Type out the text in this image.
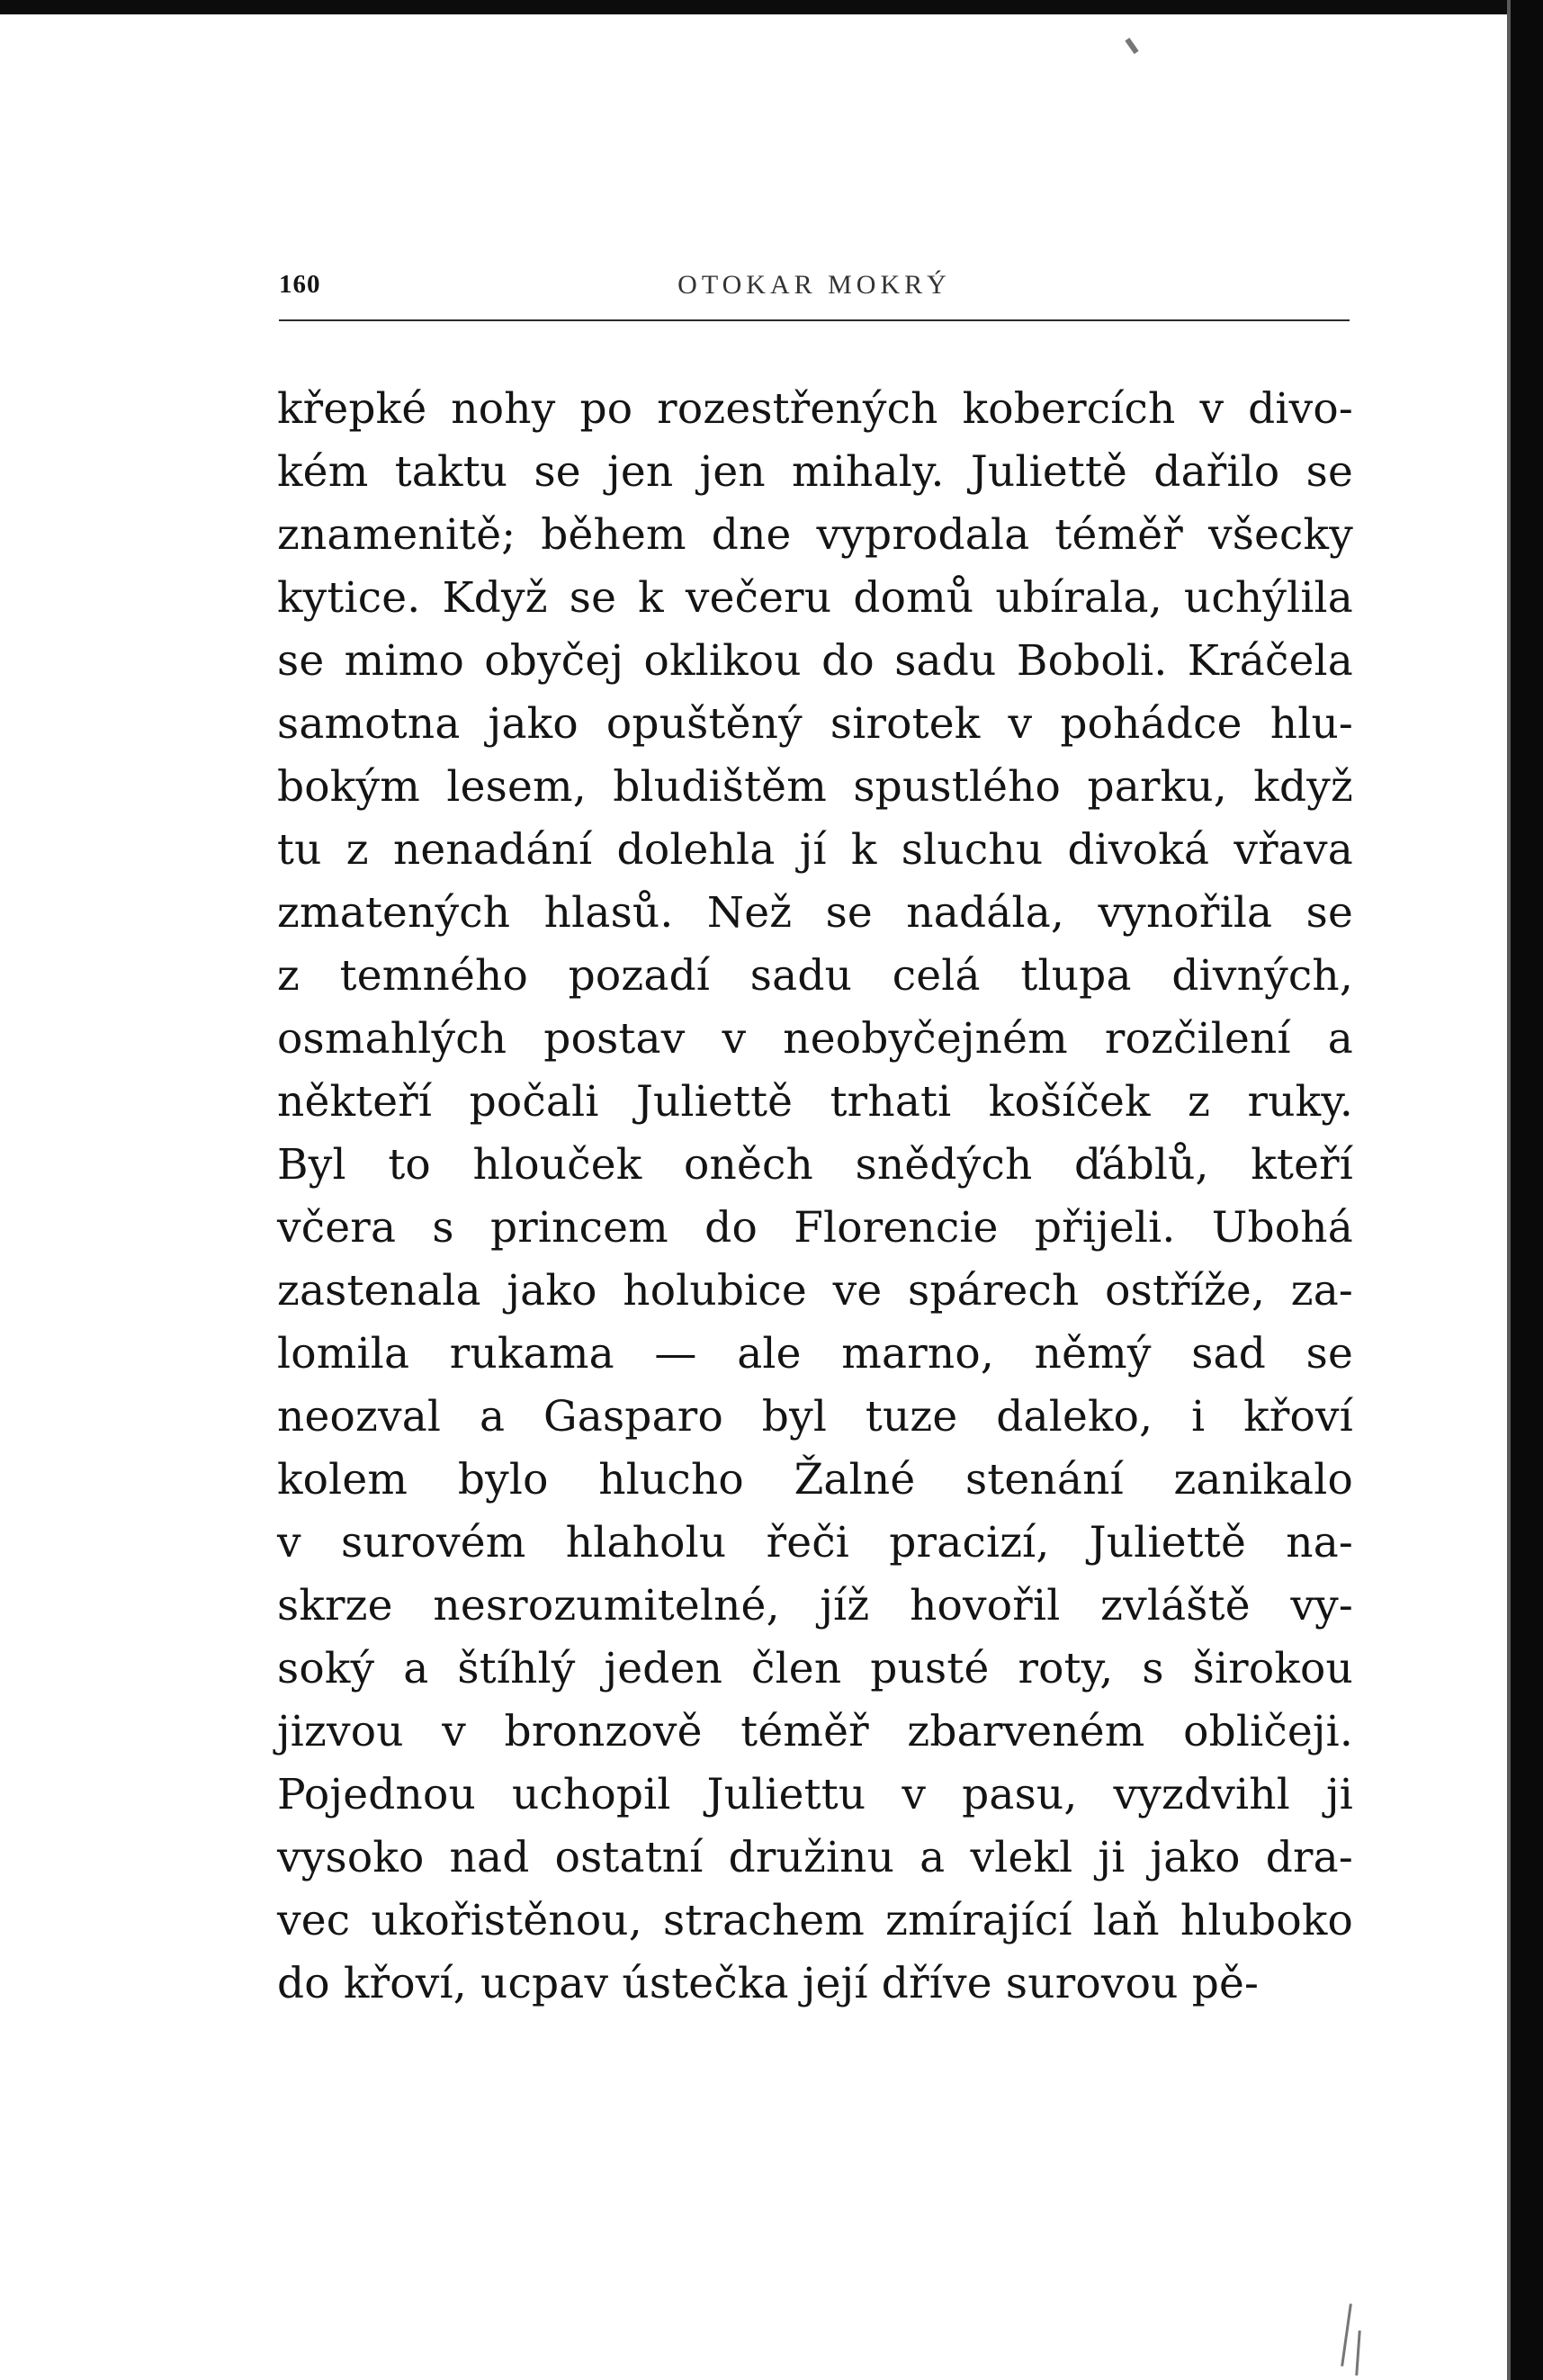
160	OTOKAR MOKRÝ
křepké nohy po rozestřených kobercích v divo-
kém taktu se jen jen mihaly. Juliettě dařilo se
znamenitě; během dne vyprodala téměř všecky
kytice. Když se k večeru domů ubírala, uchýlila
se mimo obyčej oklikou do sadu Boboli. Kráčela
samotna jako opuštěný sirotek v pohádce hlu-
bokým lesem, bludištěm spustlého parku, když
tu z nenadání dolehla jí k sluchu divoká vřava
zmatených hlasů. Než se nadála, vynořila se
z temného pozadí sadu celá tlupa divných,
osmahlých postav v neobyčejném rozčilení a
někteří počali Juliettě trhati košíček z ruky.
Byl to hlouček oněch snědých ďáblů, kteří
včera s princem do Florencie přijeli. Ubohá
zastenala jako holubice ve spárech ostříže, za-
lomila rukama — ale marno, němý sad se
neozval a Gasparo byl tuze daleko, i křoví
kolem bylo hlucho Žalné stenání zanikalo
v surovém hlaholu řeči pracizí, Juliettě na-
skrze nesrozumitelné, jíž hovořil zvláště vy-
soký a štíhlý jeden člen pusté roty, s širokou
jizvou v bronzově téměř zbarveném obličeji.
Pojednou uchopil Juliettu v pasu, vyzdvihl ji
vysoko nad ostatní družinu a vlekl ji jako dra-
vec ukořistěnou, strachem zmírající laň hluboko
do křoví, ucpav ústečka její dříve surovou pě-
